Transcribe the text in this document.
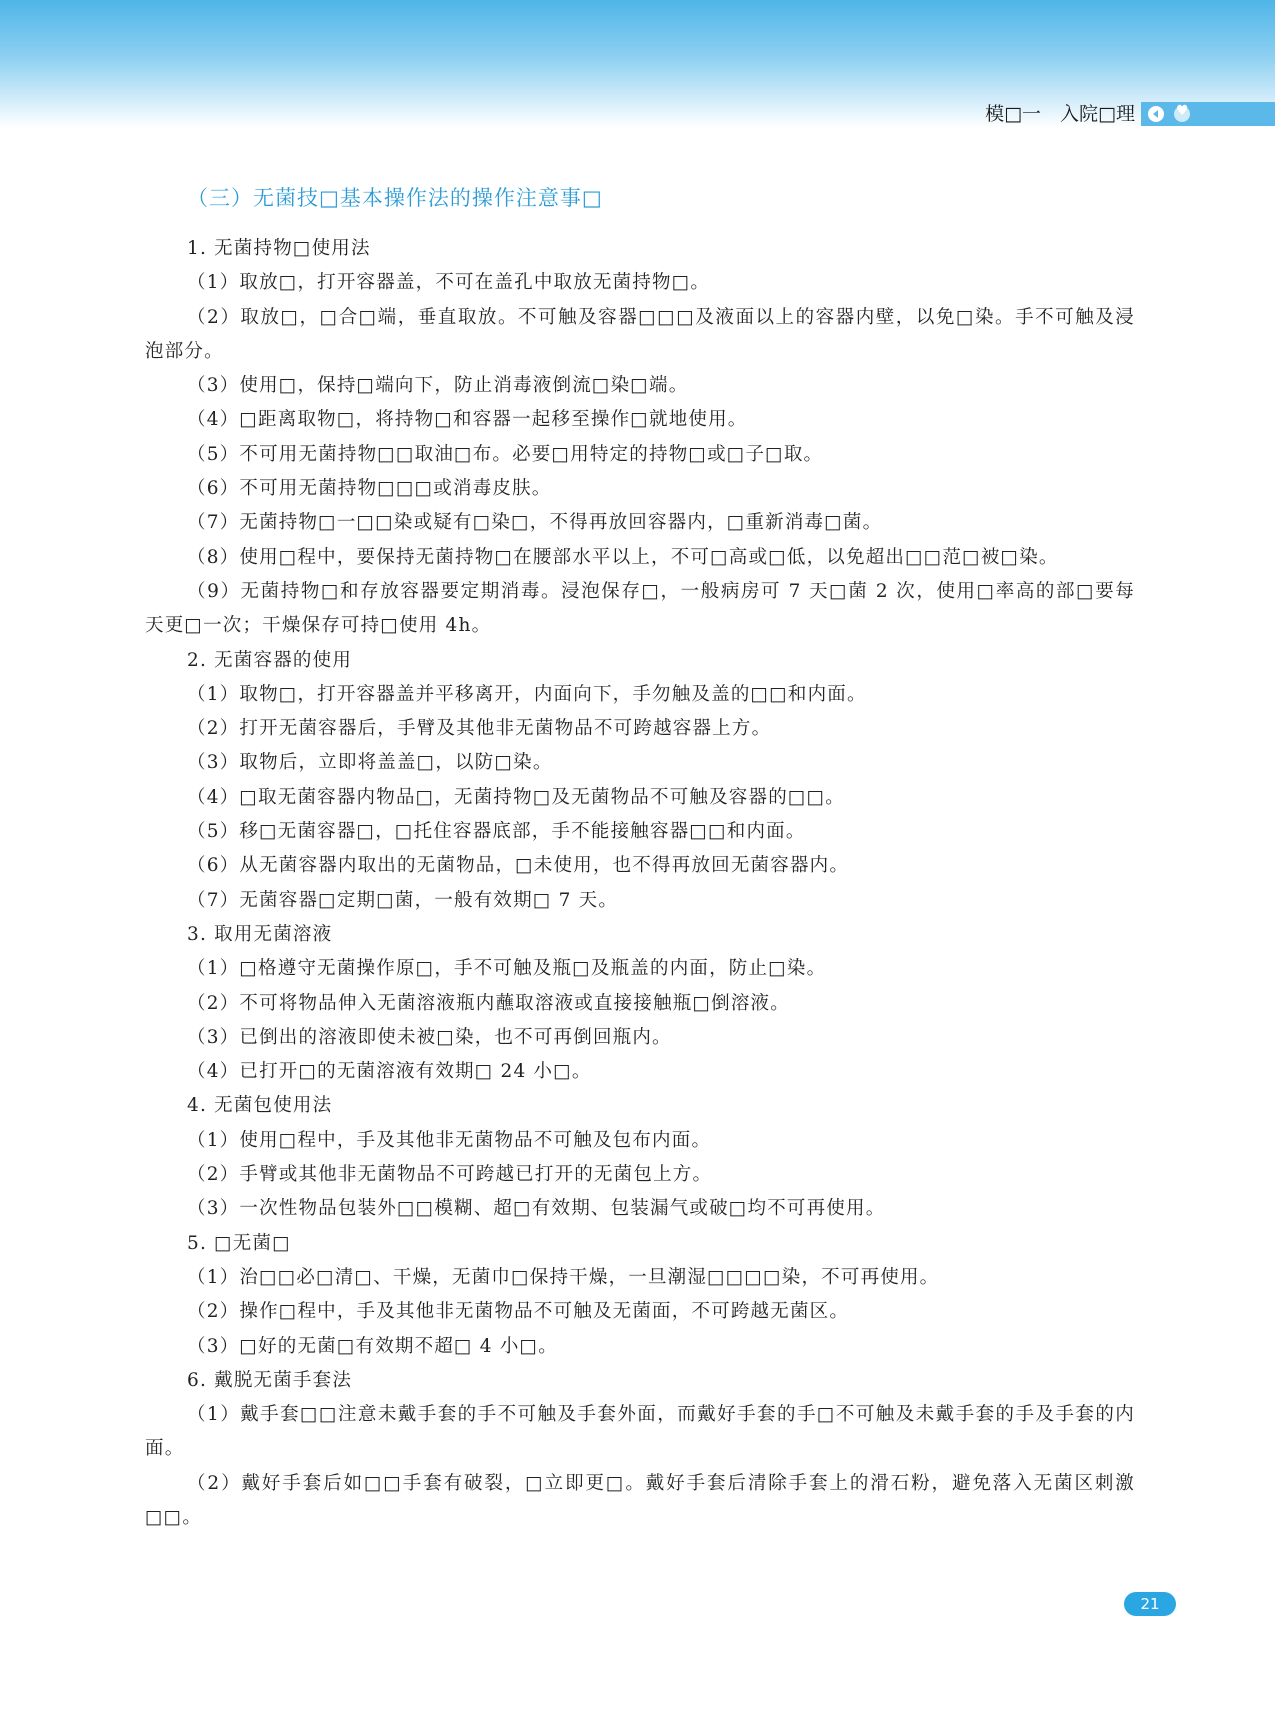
模□一　入院□理
♥
（三）无菌技□基本操作法的操作注意事□

1. 无菌持物□使用法

（1）取放□，打开容器盖，不可在盖孔中取放无菌持物□。

（2）取放□，□合□端，垂直取放。不可触及容器□□□及液面以上的容器内壁，以免□染。手不可触及浸泡部分。

（3）使用□，保持□端向下，防止消毒液倒流□染□端。

（4）□距离取物□，将持物□和容器一起移至操作□就地使用。

（5）不可用无菌持物□□取油□布。必要□用特定的持物□或□子□取。

（6）不可用无菌持物□□□或消毒皮肤。

（7）无菌持物□一□□染或疑有□染□，不得再放回容器内，□重新消毒□菌。

（8）使用□程中，要保持无菌持物□在腰部水平以上，不可□高或□低，以免超出□□范□被□染。

（9）无菌持物□和存放容器要定期消毒。浸泡保存□，一般病房可 7 天□菌 2 次，使用□率高的部□要每天更□一次；干燥保存可持□使用 4h。

2. 无菌容器的使用

（1）取物□，打开容器盖并平移离开，内面向下，手勿触及盖的□□和内面。

（2）打开无菌容器后，手臂及其他非无菌物品不可跨越容器上方。

（3）取物后，立即将盖盖□，以防□染。

（4）□取无菌容器内物品□，无菌持物□及无菌物品不可触及容器的□□。

（5）移□无菌容器□，□托住容器底部，手不能接触容器□□和内面。

（6）从无菌容器内取出的无菌物品，□未使用，也不得再放回无菌容器内。

（7）无菌容器□定期□菌，一般有效期□ 7 天。

3. 取用无菌溶液

（1）□格遵守无菌操作原□，手不可触及瓶□及瓶盖的内面，防止□染。

（2）不可将物品伸入无菌溶液瓶内蘸取溶液或直接接触瓶□倒溶液。

（3）已倒出的溶液即使未被□染，也不可再倒回瓶内。

（4）已打开□的无菌溶液有效期□ 24 小□。

4. 无菌包使用法

（1）使用□程中，手及其他非无菌物品不可触及包布内面。

（2）手臂或其他非无菌物品不可跨越已打开的无菌包上方。

（3）一次性物品包装外□□模糊、超□有效期、包装漏气或破□均不可再使用。

5. □无菌□

（1）治□□必□清□、干燥，无菌巾□保持干燥，一旦潮湿□□□□染，不可再使用。

（2）操作□程中，手及其他非无菌物品不可触及无菌面，不可跨越无菌区。

（3）□好的无菌□有效期不超□ 4 小□。

6. 戴脱无菌手套法

（1）戴手套□□注意未戴手套的手不可触及手套外面，而戴好手套的手□不可触及未戴手套的手及手套的内面。

（2）戴好手套后如□□手套有破裂，□立即更□。戴好手套后清除手套上的滑石粉，避免落入无菌区刺激□□。

21
